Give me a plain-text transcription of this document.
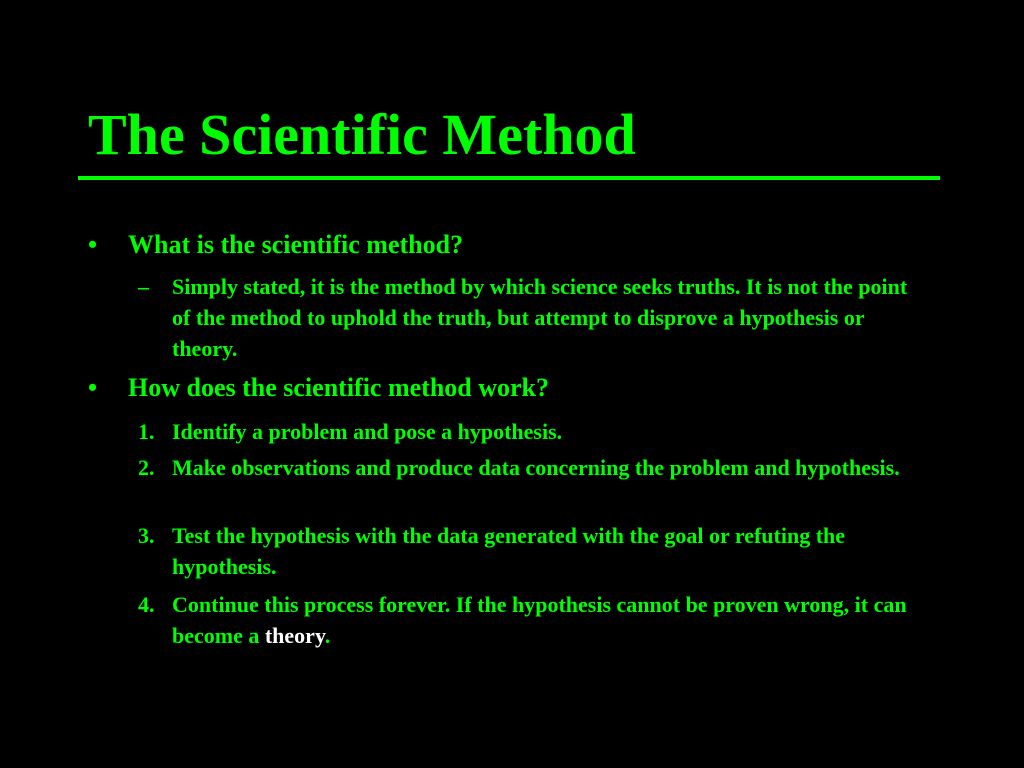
The Scientific Method
•	What is the scientific method?
–	Simply stated, it is the method by which science seeks truths. It is not the point of the method to uphold the truth, but attempt to disprove a hypothesis or theory.
•	How does the scientific method work?
1. Identify a problem and pose a hypothesis.
2. Make observations and produce data concerning the problem and hypothesis.
3. Test the hypothesis with the data generated with the goal or refuting the hypothesis.
4. Continue this process forever. If the hypothesis cannot be proven wrong, it can become a theory.
